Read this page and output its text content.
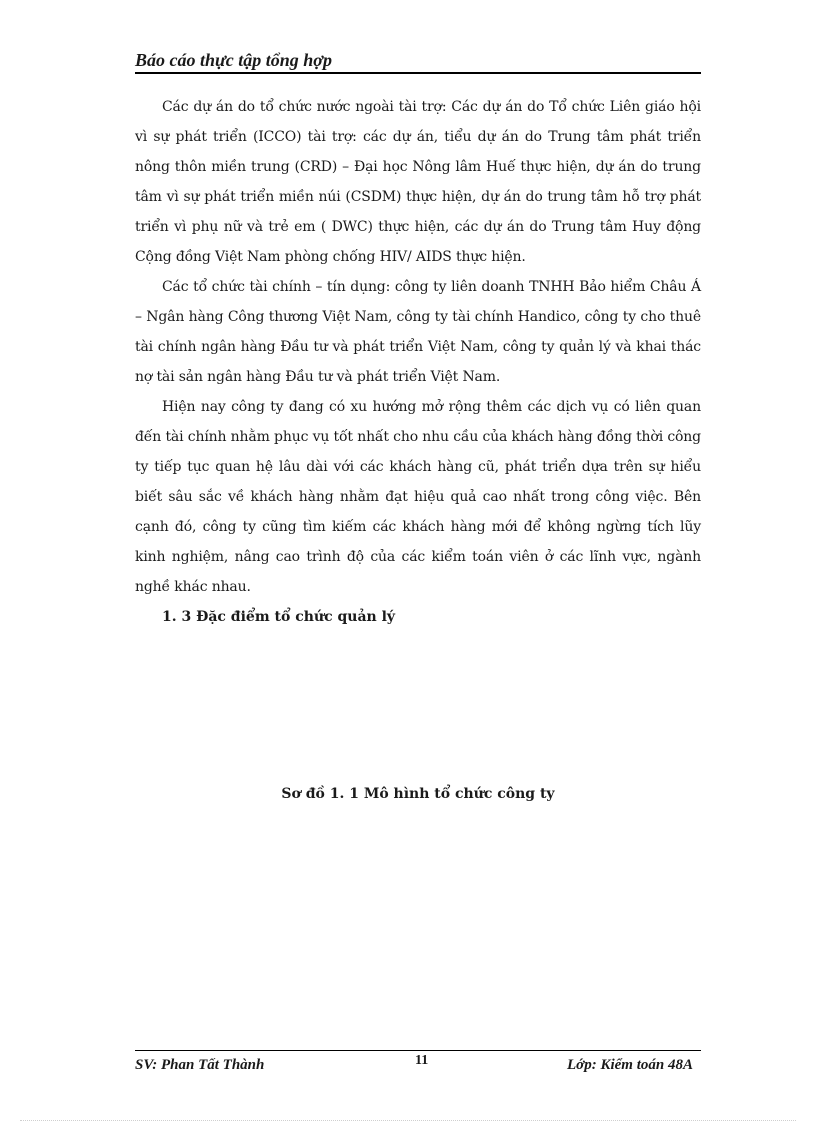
Báo cáo thực tập tổng hợp

Các dự án do tổ chức nước ngoài tài trợ: Các dự án do Tổ chức Liên giáo hội vì sự phát triển (ICCO) tài trợ: các dự án, tiểu dự án do Trung tâm phát triển nông thôn miền trung (CRD) – Đại học Nông lâm Huế thực hiện, dự án do trung tâm vì sự phát triển miền núi (CSDM) thực hiện, dự án do trung tâm hỗ trợ phát triển vì phụ nữ và trẻ em ( DWC) thực hiện, các dự án do Trung tâm Huy động Cộng đồng Việt Nam phòng chống HIV/ AIDS thực hiện.

Các tổ chức tài chính – tín dụng: công ty liên doanh TNHH Bảo hiểm Châu Á – Ngân hàng Công thương Việt Nam, công ty tài chính Handico, công ty cho thuê tài chính ngân hàng Đầu tư và phát triển Việt Nam, công ty quản lý và khai thác nợ tài sản ngân hàng Đầu tư và phát triển Việt Nam.

Hiện nay công ty đang có xu hướng mở rộng thêm các dịch vụ có liên quan đến tài chính nhằm phục vụ tốt nhất cho nhu cầu của khách hàng đồng thời công ty tiếp tục quan hệ lâu dài với các khách hàng cũ, phát triển dựa trên sự hiểu biết sâu sắc về khách hàng nhằm đạt hiệu quả cao nhất trong công việc. Bên cạnh đó, công ty cũng tìm kiếm các khách hàng mới để không ngừng tích lũy kinh nghiệm, nâng cao trình độ của các kiểm toán viên ở các lĩnh vực, ngành nghề khác nhau.

1. 3 Đặc điểm tổ chức quản lý

Sơ đồ 1. 1 Mô hình tổ chức công ty
SV: Phan Tất Thành	11	Lớp: Kiểm toán 48A
